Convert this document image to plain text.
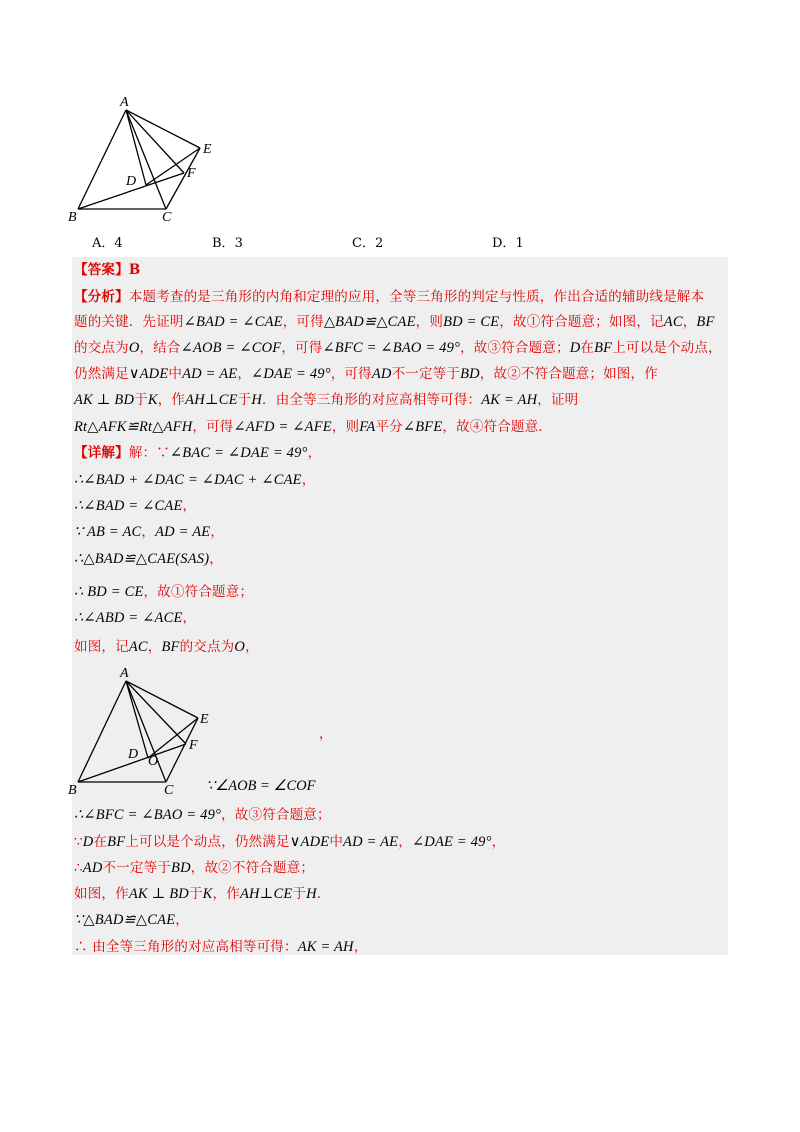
A
B	C
D
E
F
A．4	B．3	C．2	D．1
【答案】B
【分析】本题考查的是三角形的内角和定理的应用，全等三角形的判定与性质，作出合适的辅助线是解本
题的关键．先证明∠BAD = ∠CAE，可得△BAD≌△CAE，则BD = CE，故①符合题意；如图，记AC，BF
的交点为O，结合∠AOB = ∠COF，可得∠BFC = ∠BAO = 49°，故③符合题意；D在BF上可以是个动点，
仍然满足∨ADE中AD = AE，∠DAE = 49°，可得AD不一定等于BD，故②不符合题意；如图，作
AK ⊥ BD于K，作AH⊥CE于H．由全等三角形的对应高相等可得：AK = AH，证明
Rt△AFK≌Rt△AFH，可得∠AFD = ∠AFE，则FA平分∠BFE，故④符合题意．
【详解】解：∵∠BAC = ∠DAE = 49°，
∴∠BAD + ∠DAC = ∠DAC + ∠CAE，
∴∠BAD = ∠CAE，
∵ AB = AC，AD = AE，
∴△BAD≌△CAE(SAS)，
∴ BD = CE，故①符合题意；
∴∠ABD = ∠ACE，
如图，记AC，BF的交点为O，
A
B	C
D
E
F
O
，
∵∠AOB = ∠COF
∴∠BFC = ∠BAO = 49°，故③符合题意；
∵D在BF上可以是个动点，仍然满足∨ADE中AD = AE，∠DAE = 49°，
∴AD不一定等于BD，故②不符合题意；
如图，作AK ⊥ BD于K，作AH⊥CE于H．
∵△BAD≌△CAE，
∴ 由全等三角形的对应高相等可得：AK = AH，
